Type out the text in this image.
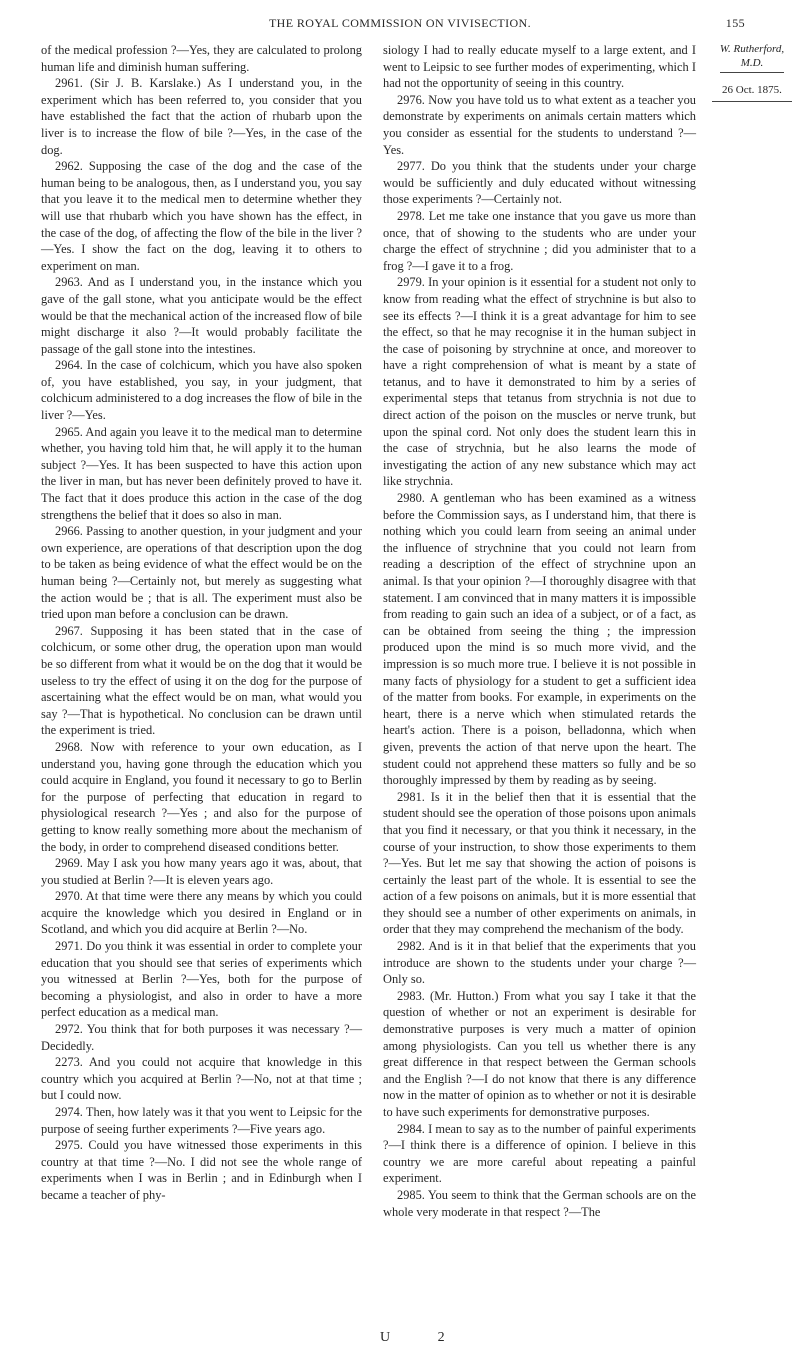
THE ROYAL COMMISSION ON VIVISECTION.	155

of the medical profession ?—Yes, they are calculated to prolong human life and diminish human suffering.

2961. (Sir J. B. Karslake.) As I understand you, in the experiment which has been referred to, you consider that you have established the fact that the action of rhubarb upon the liver is to increase the flow of bile ?—Yes, in the case of the dog.

2962. Supposing the case of the dog and the case of the human being to be analogous, then, as I understand you, you say that you leave it to the medical men to determine whether they will use that rhubarb which you have shown has the effect, in the case of the dog, of affecting the flow of the bile in the liver ?—Yes. I show the fact on the dog, leaving it to others to experiment on man.

2963. And as I understand you, in the instance which you gave of the gall stone, what you anticipate would be the effect would be that the mechanical action of the increased flow of bile might discharge it also ?—It would probably facilitate the passage of the gall stone into the intestines.

2964. In the case of colchicum, which you have also spoken of, you have established, you say, in your judgment, that colchicum administered to a dog increases the flow of bile in the liver ?—Yes.

2965. And again you leave it to the medical man to determine whether, you having told him that, he will apply it to the human subject ?—Yes. It has been suspected to have this action upon the liver in man, but has never been definitely proved to have it. The fact that it does produce this action in the case of the dog strengthens the belief that it does so also in man.

2966. Passing to another question, in your judgment and your own experience, are operations of that description upon the dog to be taken as being evidence of what the effect would be on the human being ?—Certainly not, but merely as suggesting what the action would be ; that is all. The experiment must also be tried upon man before a conclusion can be drawn.

2967. Supposing it has been stated that in the case of colchicum, or some other drug, the operation upon man would be so different from what it would be on the dog that it would be useless to try the effect of using it on the dog for the purpose of ascertaining what the effect would be on man, what would you say ?—That is hypothetical. No conclusion can be drawn until the experiment is tried.

2968. Now with reference to your own education, as I understand you, having gone through the education which you could acquire in England, you found it necessary to go to Berlin for the purpose of perfecting that education in regard to physiological research ?—Yes ; and also for the purpose of getting to know really something more about the mechanism of the body, in order to comprehend diseased conditions better.

2969. May I ask you how many years ago it was, about, that you studied at Berlin ?—It is eleven years ago.

2970. At that time were there any means by which you could acquire the knowledge which you desired in England or in Scotland, and which you did acquire at Berlin ?—No.

2971. Do you think it was essential in order to complete your education that you should see that series of experiments which you witnessed at Berlin ?—Yes, both for the purpose of becoming a physiologist, and also in order to have a more perfect education as a medical man.

2972. You think that for both purposes it was necessary ?—Decidedly.

2273. And you could not acquire that knowledge in this country which you acquired at Berlin ?—No, not at that time ; but I could now.

2974. Then, how lately was it that you went to Leipsic for the purpose of seeing further experiments ?—Five years ago.

2975. Could you have witnessed those experiments in this country at that time ?—No. I did not see the whole range of experiments when I was in Berlin ; and in Edinburgh when I became a teacher of phy-

siology I had to really educate myself to a large extent, and I went to Leipsic to see further modes of experimenting, which I had not the opportunity of seeing in this country.

2976. Now you have told us to what extent as a teacher you demonstrate by experiments on animals certain matters which you consider as essential for the students to understand ?—Yes.

2977. Do you think that the students under your charge would be sufficiently and duly educated without witnessing those experiments ?—Certainly not.

2978. Let me take one instance that you gave us more than once, that of showing to the students who are under your charge the effect of strychnine ; did you administer that to a frog ?—I gave it to a frog.

2979. In your opinion is it essential for a student not only to know from reading what the effect of strychnine is but also to see its effects ?—I think it is a great advantage for him to see the effect, so that he may recognise it in the human subject in the case of poisoning by strychnine at once, and moreover to have a right comprehension of what is meant by a state of tetanus, and to have it demonstrated to him by a series of experimental steps that tetanus from strychnia is not due to direct action of the poison on the muscles or nerve trunk, but upon the spinal cord. Not only does the student learn this in the case of strychnia, but he also learns the mode of investigating the action of any new substance which may act like strychnia.

2980. A gentleman who has been examined as a witness before the Commission says, as I understand him, that there is nothing which you could learn from seeing an animal under the influence of strychnine that you could not learn from reading a description of the effect of strychnine upon an animal. Is that your opinion ?—I thoroughly disagree with that statement. I am convinced that in many matters it is impossible from reading to gain such an idea of a subject, or of a fact, as can be obtained from seeing the thing ; the impression produced upon the mind is so much more vivid, and the impression is so much more true. I believe it is not possible in many facts of physiology for a student to get a sufficient idea of the matter from books. For example, in experiments on the heart, there is a nerve which when stimulated retards the heart's action. There is a poison, belladonna, which when given, prevents the action of that nerve upon the heart. The student could not apprehend these matters so fully and be so thoroughly impressed by them by reading as by seeing.

2981. Is it in the belief then that it is essential that the student should see the operation of those poisons upon animals that you find it necessary, or that you think it necessary, in the course of your instruction, to show those experiments to them ?—Yes. But let me say that showing the action of poisons is certainly the least part of the whole. It is essential to see the action of a few poisons on animals, but it is more essential that they should see a number of other experiments on animals, in order that they may comprehend the mechanism of the body.

2982. And is it in that belief that the experiments that you introduce are shown to the students under your charge ?—Only so.

2983. (Mr. Hutton.) From what you say I take it that the question of whether or not an experiment is desirable for demonstrative purposes is very much a matter of opinion among physiologists. Can you tell us whether there is any great difference in that respect between the German schools and the English ?—I do not know that there is any difference now in the matter of opinion as to whether or not it is desirable to have such experiments for demonstrative purposes.

2984. I mean to say as to the number of painful experiments ?—I think there is a difference of opinion. I believe in this country we are more careful about repeating a painful experiment.

2985. You seem to think that the German schools are on the whole very moderate in that respect ?—The

W. Rutherford,
M.D.
26 Oct. 1875.
U 2
